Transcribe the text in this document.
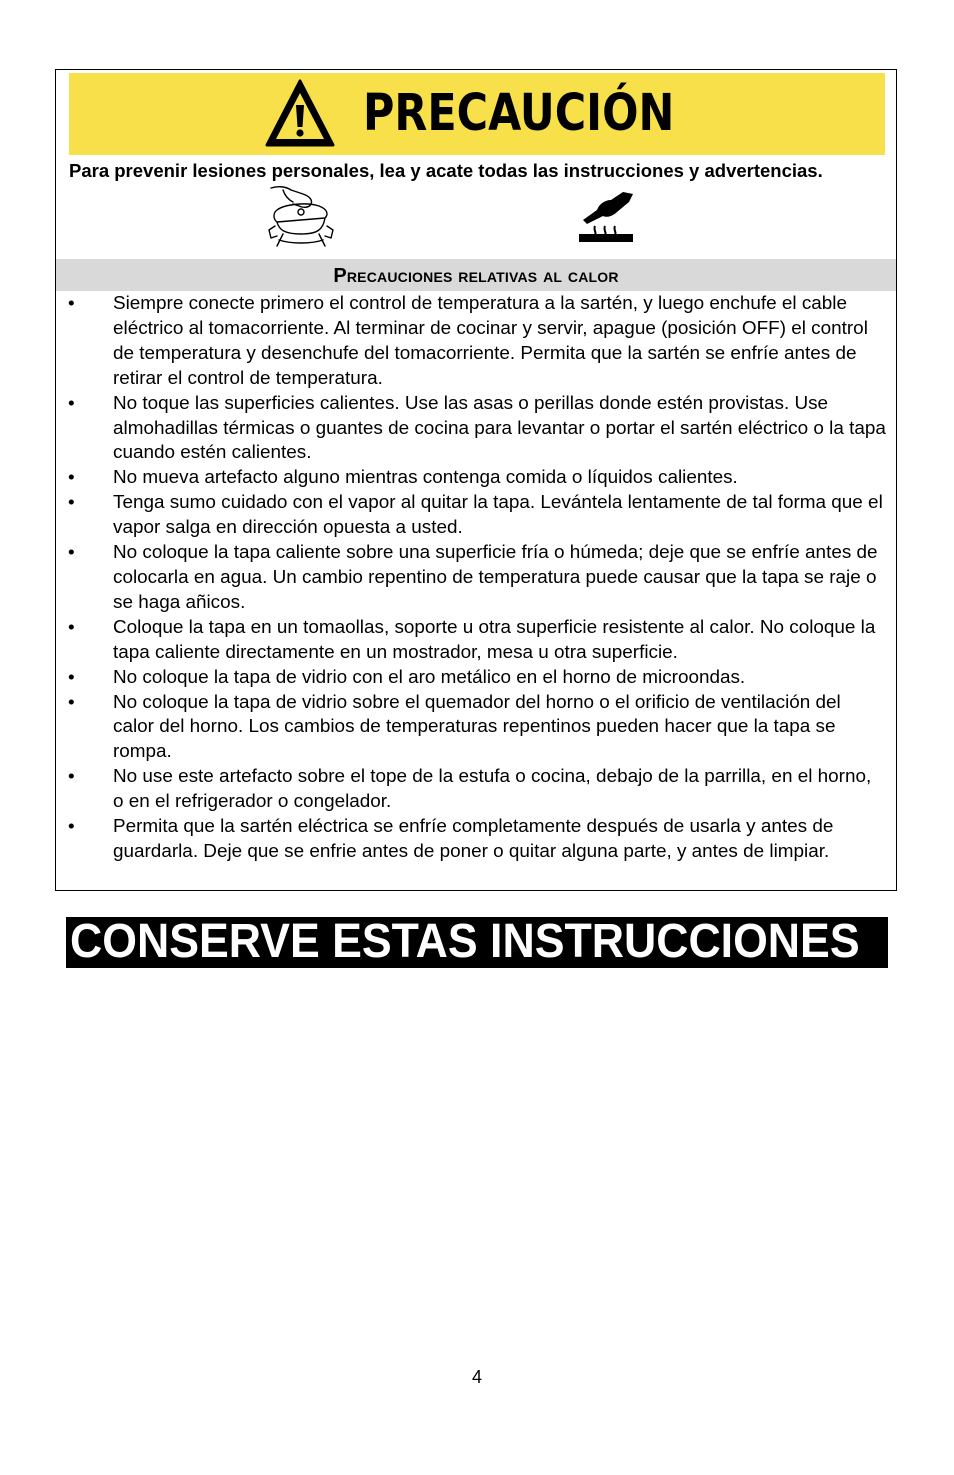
PRECAUCIÓN
Para prevenir lesiones personales, lea y acate todas las instrucciones y advertencias.
Precauciones relativas al calor
• Siempre conecte primero el control de temperatura a la sartén, y luego enchufe el cable eléctrico al tomacorriente. Al terminar de cocinar y servir, apague (posición OFF) el control de temperatura y desenchufe del tomacorriente. Permita que la sartén se enfríe antes de retirar el control de temperatura.
• No toque las superficies calientes. Use las asas o perillas donde estén provistas. Use almohadillas térmicas o guantes de cocina para levantar o portar el sartén eléctrico o la tapa cuando estén calientes.
• No mueva artefacto alguno mientras contenga comida o líquidos calientes.
• Tenga sumo cuidado con el vapor al quitar la tapa. Levántela lentamente de tal forma que el vapor salga en dirección opuesta a usted.
• No coloque la tapa caliente sobre una superficie fría o húmeda; deje que se enfríe antes de colocarla en agua. Un cambio repentino de temperatura puede causar que la tapa se raje o se haga añicos.
• Coloque la tapa en un tomaollas, soporte u otra superficie resistente al calor. No coloque la tapa caliente directamente en un mostrador, mesa u otra superficie.
• No coloque la tapa de vidrio con el aro metálico en el horno de microondas.
• No coloque la tapa de vidrio sobre el quemador del horno o el orificio de ventilación del calor del horno. Los cambios de temperaturas repentinos pueden hacer que la tapa se rompa.
• No use este artefacto sobre el tope de la estufa o cocina, debajo de la parrilla, en el horno, o en el refrigerador o congelador.
• Permita que la sartén eléctrica se enfríe completamente después de usarla y antes de guardarla. Deje que se enfrie antes de poner o quitar alguna parte, y antes de limpiar.
CONSERVE ESTAS INSTRUCCIONES
4
